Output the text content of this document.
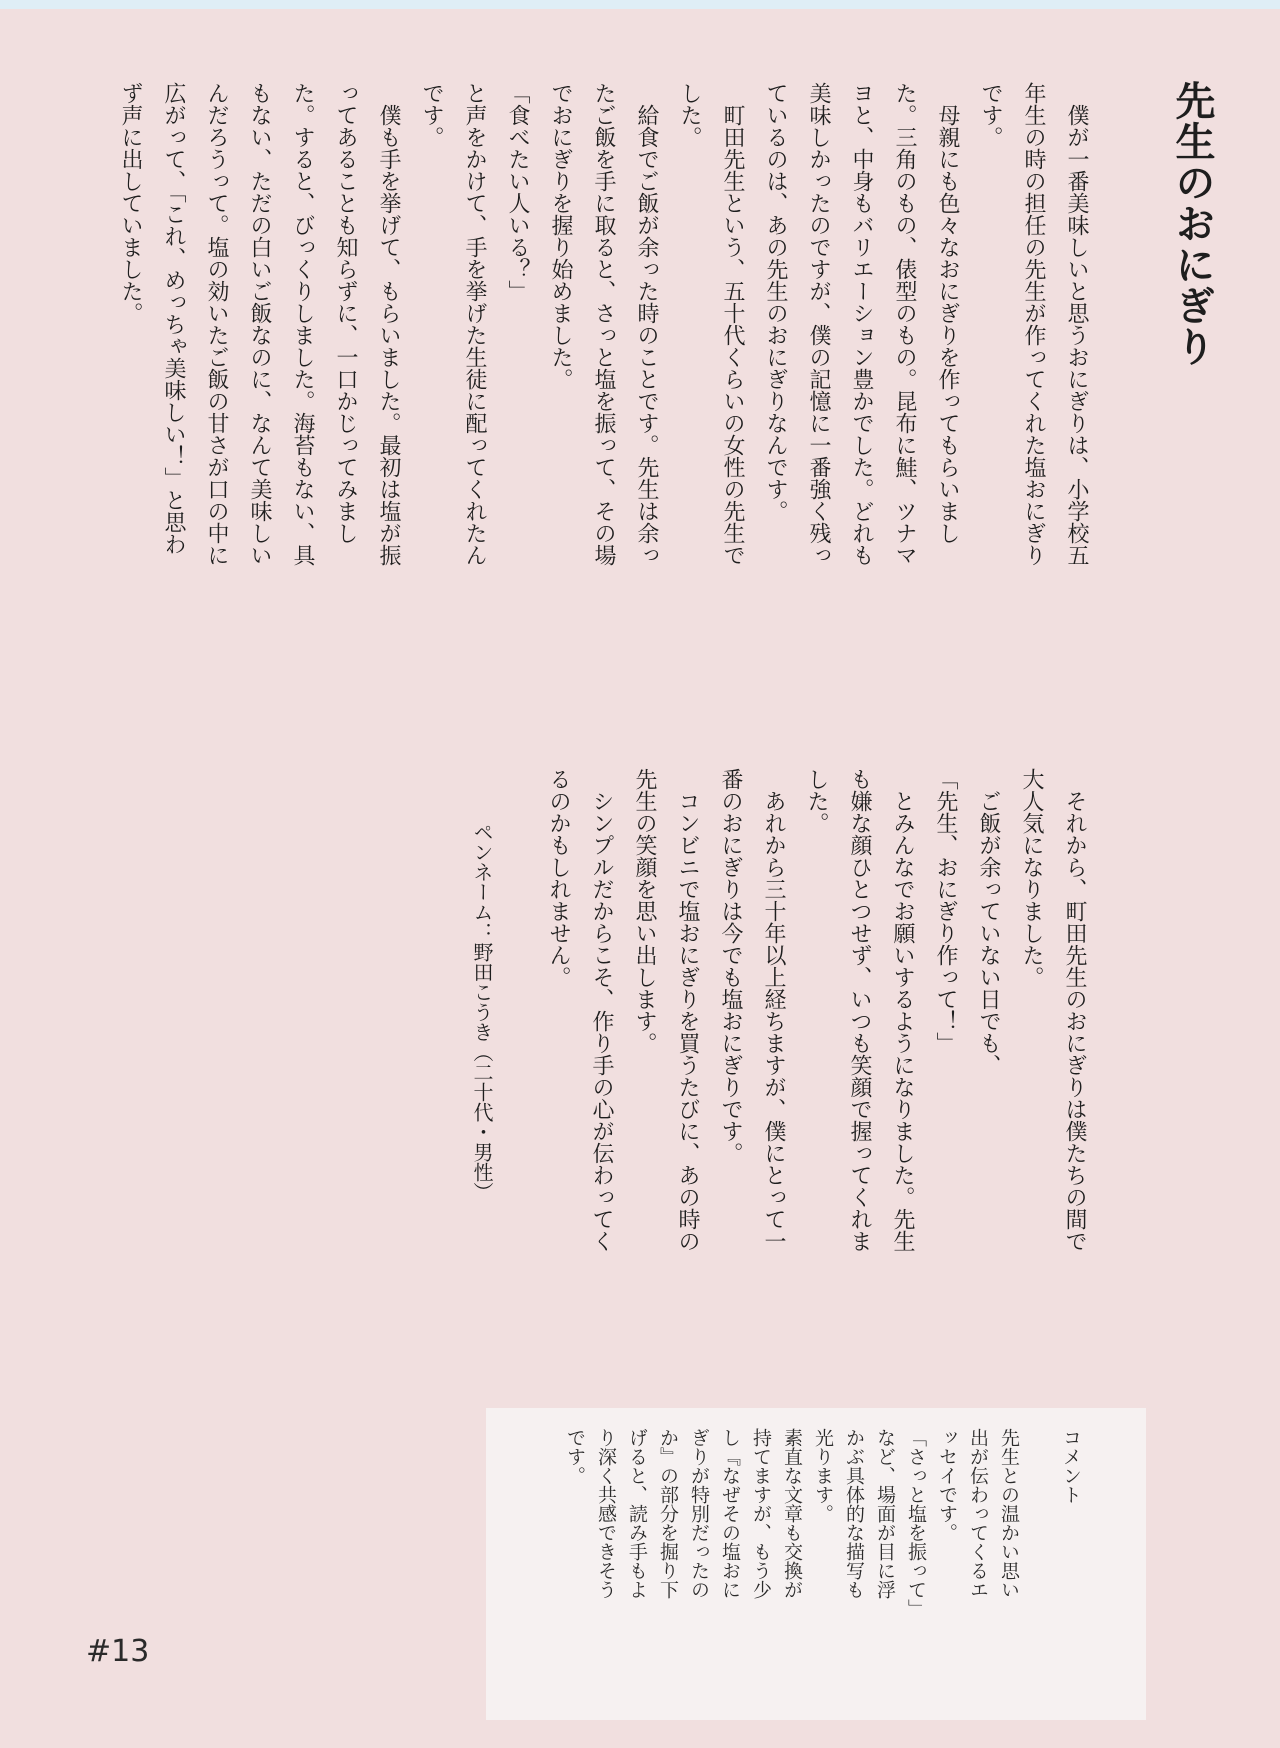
先生のおにぎり
　僕が一番美味しいと思うおにぎりは、小学校五
年生の時の担任の先生が作ってくれた塩おにぎり
です。
　母親にも色々なおにぎりを作ってもらいまし
た。三角のもの、俵型のもの。昆布に鮭、ツナマ
ヨと、中身もバリエーション豊かでした。どれも
美味しかったのですが、僕の記憶に一番強く残っ
ているのは、あの先生のおにぎりなんです。
　町田先生という、五十代くらいの女性の先生で
した。
　給食でご飯が余った時のことです。先生は余っ
たご飯を手に取ると、さっと塩を振って、その場
でおにぎりを握り始めました。
「食べたい人いる？」
と声をかけて、手を挙げた生徒に配ってくれたん
です。
　僕も手を挙げて、もらいました。最初は塩が振
ってあることも知らずに、一口かじってみまし
た。すると、びっくりしました。海苔もない、具
もない、ただの白いご飯なのに、なんて美味しい
んだろうって。塩の効いたご飯の甘さが口の中に
広がって、「これ、めっちゃ美味しい！」と思わ
ず声に出していました。
　それから、町田先生のおにぎりは僕たちの間で
大人気になりました。
　ご飯が余っていない日でも、
「先生、おにぎり作って！」
　とみんなでお願いするようになりました。先生
も嫌な顔ひとつせず、いつも笑顔で握ってくれま
した。
　あれから三十年以上経ちますが、僕にとって一
番のおにぎりは今でも塩おにぎりです。
　コンビニで塩おにぎりを買うたびに、あの時の
先生の笑顔を思い出します。
　シンプルだからこそ、作り手の心が伝わってく
るのかもしれません。
ペンネーム：野田こうき（二十代・男性）
コメント

先生との温かい思い
出が伝わってくるエ
ッセイです。
「さっと塩を振って」
など、場面が目に浮
かぶ具体的な描写も
光ります。
素直な文章も交換が
持てますが、もう少
し『なぜその塩おに
ぎりが特別だったの
か』の部分を掘り下
げると、読み手もよ
り深く共感できそう
です。
#13
